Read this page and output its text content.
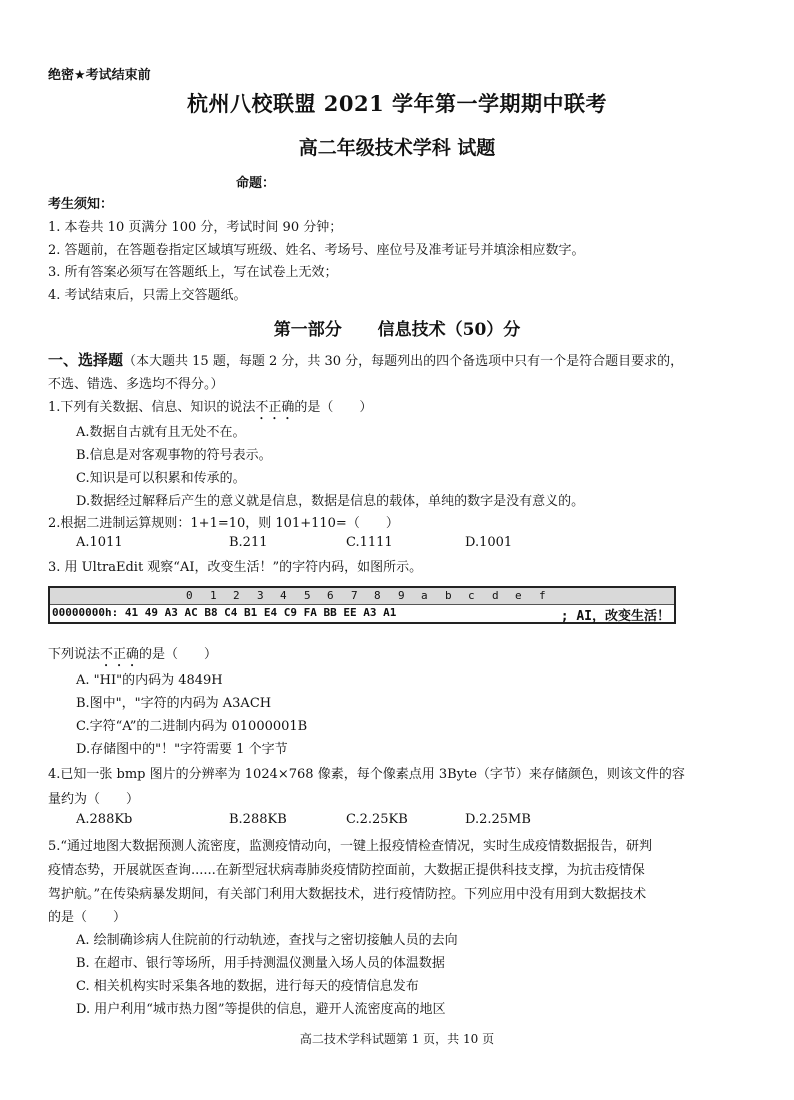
绝密★考试结束前
杭州八校联盟 2021 学年第一学期期中联考
高二年级技术学科 试题
命题：
考生须知：
1. 本卷共 10 页满分 100 分，考试时间 90 分钟；
2. 答题前，在答题卷指定区域填写班级、姓名、考场号、座位号及准考证号并填涂相应数字。
3. 所有答案必须写在答题纸上，写在试卷上无效；
4. 考试结束后，只需上交答题纸。
第一部分 信息技术（50）分
一、选择题（本大题共 15 题，每题 2 分，共 30 分，每题列出的四个备选项中只有一个是符合题目要求的，
不选、错选、多选均不得分。）
1.下列有关数据、信息、知识的说法不正确的是（　　）
A.数据自古就有且无处不在。
B.信息是对客观事物的符号表示。
C.知识是可以积累和传承的。
D.数据经过解释后产生的意义就是信息，数据是信息的载体，单纯的数字是没有意义的。
2.根据二进制运算规则：1+1=10，则 101+110=（　　）
A.1011	B.211	C.1111	D.1001
3. 用 UltraEdit 观察“AI，改变生活！”的字符内码，如图所示。
0 1 2 3 4 5 6 7 8 9 a b c d e f
00000000h: 41 49 A3 AC B8 C4 B1 E4 C9 FA BB EE A3 A1	; AI，改变生活！
下列说法不正确的是（　　）
A. "HI"的内码为 4849H
B.图中"，"字符的内码为 A3ACH
C.字符“A”的二进制内码为 01000001B
D.存储图中的"！"字符需要 1 个字节
4.已知一张 bmp 图片的分辨率为 1024×768 像素，每个像素点用 3Byte（字节）来存储颜色，则该文件的容
量约为（　　）
A.288Kb	B.288KB	C.2.25KB	D.2.25MB
5.“通过地图大数据预测人流密度，监测疫情动向，一键上报疫情检查情况，实时生成疫情数据报告，研判
疫情态势，开展就医查询......在新型冠状病毒肺炎疫情防控面前，大数据正提供科技支撑，为抗击疫情保
驾护航。”在传染病暴发期间，有关部门利用大数据技术，进行疫情防控。下列应用中没有用到大数据技术
的是（　　）
A. 绘制确诊病人住院前的行动轨迹，查找与之密切接触人员的去向
B. 在超市、银行等场所，用手持测温仪测量入场人员的体温数据
C. 相关机构实时采集各地的数据，进行每天的疫情信息发布
D. 用户利用“城市热力图”等提供的信息，避开人流密度高的地区
高二技术学科试题第 1 页，共 10 页
